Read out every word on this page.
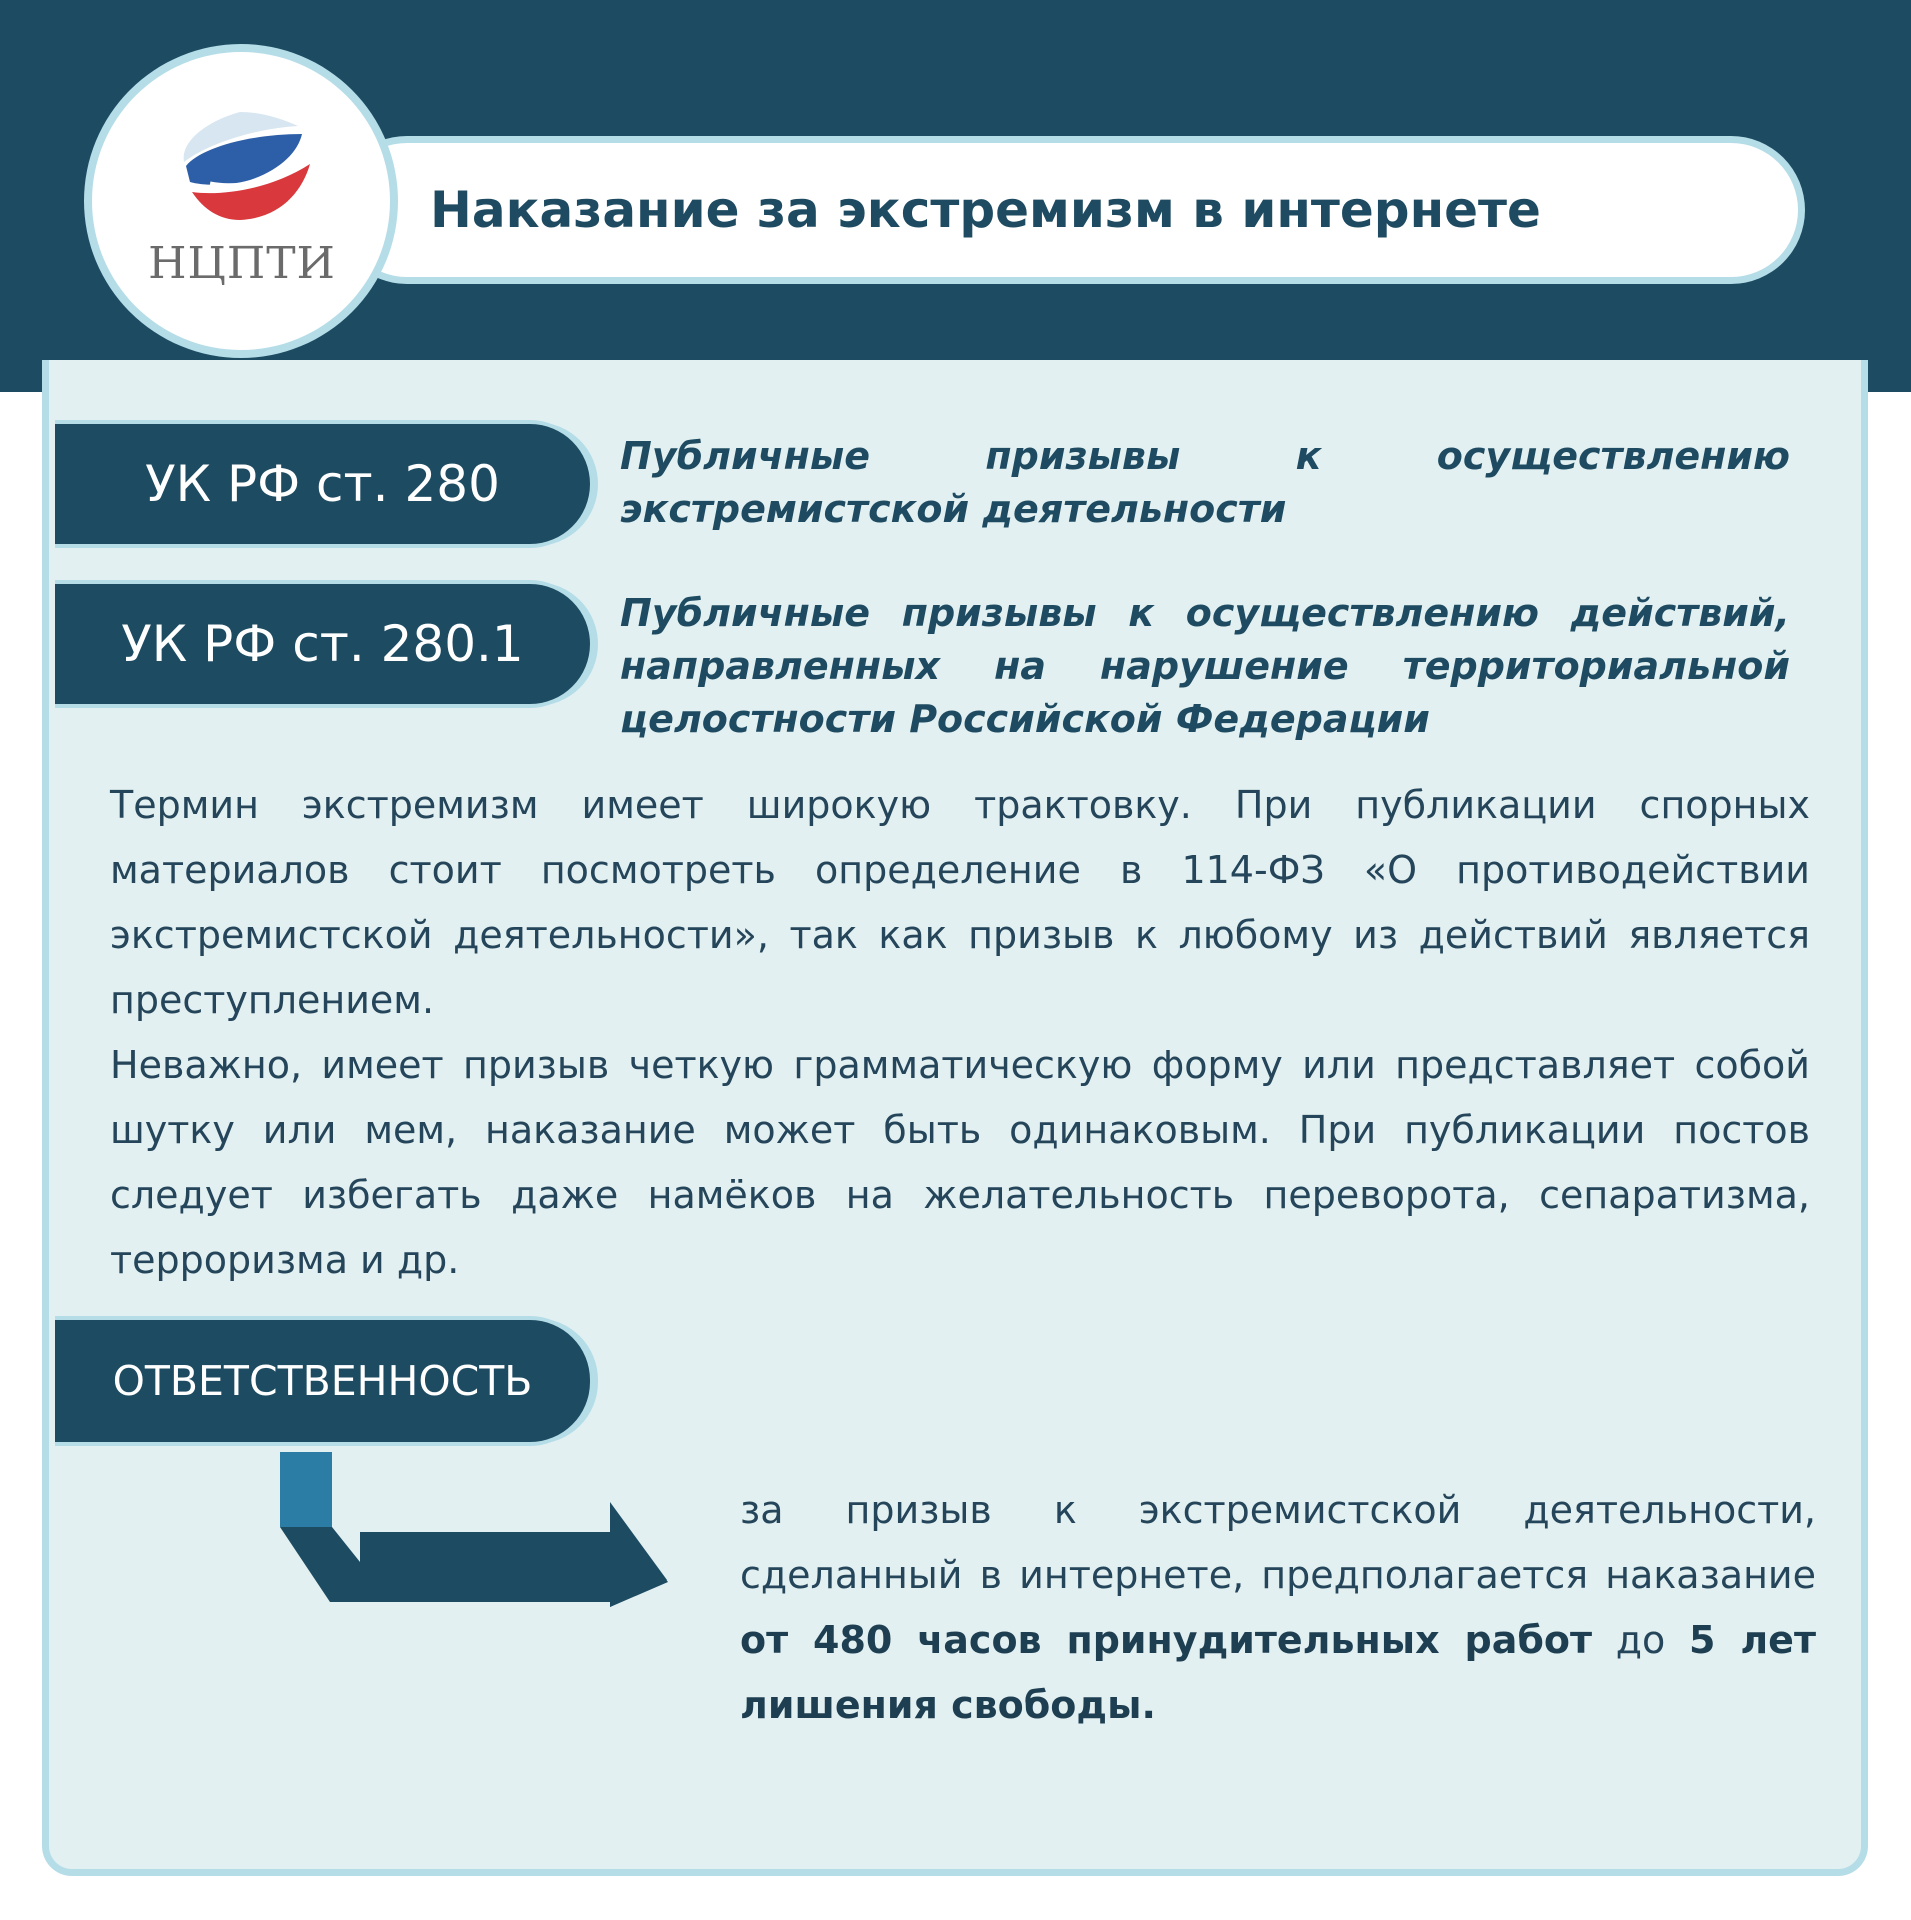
Наказание за экстремизм в интернете
НЦПТИ
УК РФ ст. 280	Публичные призывы к осуществлению экстремистской деятельности
УК РФ ст. 280.1
Публичные призывы к осуществлению действий, направленных на нарушение территориальной целостности Российской Федерации

Термин экстремизм имеет широкую трактовку. При публикации спорных материалов стоит посмотреть определение в 114-ФЗ «О противодействии экстремистской деятельности», так как призыв к любому из действий является преступлением.

Неважно, имеет призыв четкую грамматическую форму или представляет собой шутку или мем, наказание может быть одинаковым. При публикации постов следует избегать даже намёков на желательность переворота, сепаратизма, терроризма и др.

ОТВЕТСТВЕННОСТЬ
за призыв к экстремистской деятельности, сделанный в интернете, предполагается наказание от 480 часов принудительных работ до 5 лет лишения свободы.
